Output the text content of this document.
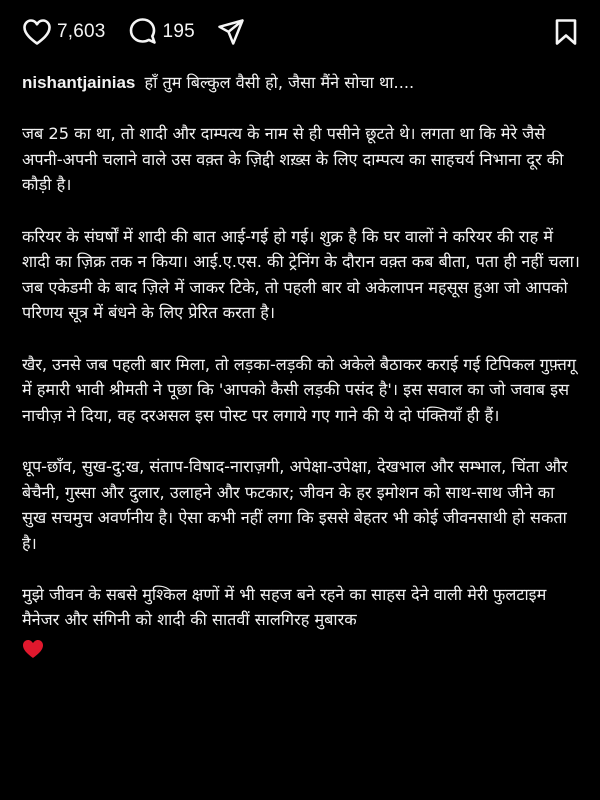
7,603	195

nishantjainias हाँ तुम बिल्कुल वैसी हो, जैसा मैंने सोचा था....

जब 25 का था, तो शादी और दाम्पत्य के नाम से ही पसीने छूटते थे। लगता था कि मेरे जैसे अपनी-अपनी चलाने वाले उस वक़्त के ज़िद्दी शख़्स के लिए दाम्पत्य का साहचर्य निभाना दूर की कौड़ी है।

करियर के संघर्षों में शादी की बात आई-गई हो गई। शुक्र है कि घर वालों ने करियर की राह में शादी का ज़िक्र तक न किया। आई.ए.एस. की ट्रेनिंग के दौरान वक़्त कब बीता, पता ही नहीं चला। जब एकेडमी के बाद ज़िले में जाकर टिके, तो पहली बार वो अकेलापन महसूस हुआ जो आपको परिणय सूत्र में बंधने के लिए प्रेरित करता है।

खैर, उनसे जब पहली बार मिला, तो लड़का-लड़की को अकेले बैठाकर कराई गई टिपिकल गुफ़्तगू में हमारी भावी श्रीमती ने पूछा कि 'आपको कैसी लड़की पसंद है'। इस सवाल का जो जवाब इस नाचीज़ ने दिया, वह दरअसल इस पोस्ट पर लगाये गए गाने की ये दो पंक्तियाँ ही हैं।

धूप-छाँव, सुख-दु:ख, संताप-विषाद-नाराज़गी, अपेक्षा-उपेक्षा, देखभाल और सम्भाल, चिंता और बेचैनी, गुस्सा और दुलार, उलाहने और फटकार; जीवन के हर इमोशन को साथ-साथ जीने का सुख सचमुच अवर्णनीय है। ऐसा कभी नहीं लगा कि इससे बेहतर भी कोई जीवनसाथी हो सकता है।

मुझे जीवन के सबसे मुश्किल क्षणों में भी सहज बने रहने का साहस देने वाली मेरी फुलटाइम मैनेजर और संगिनी को शादी की सातवीं सालगिरह मुबारक
